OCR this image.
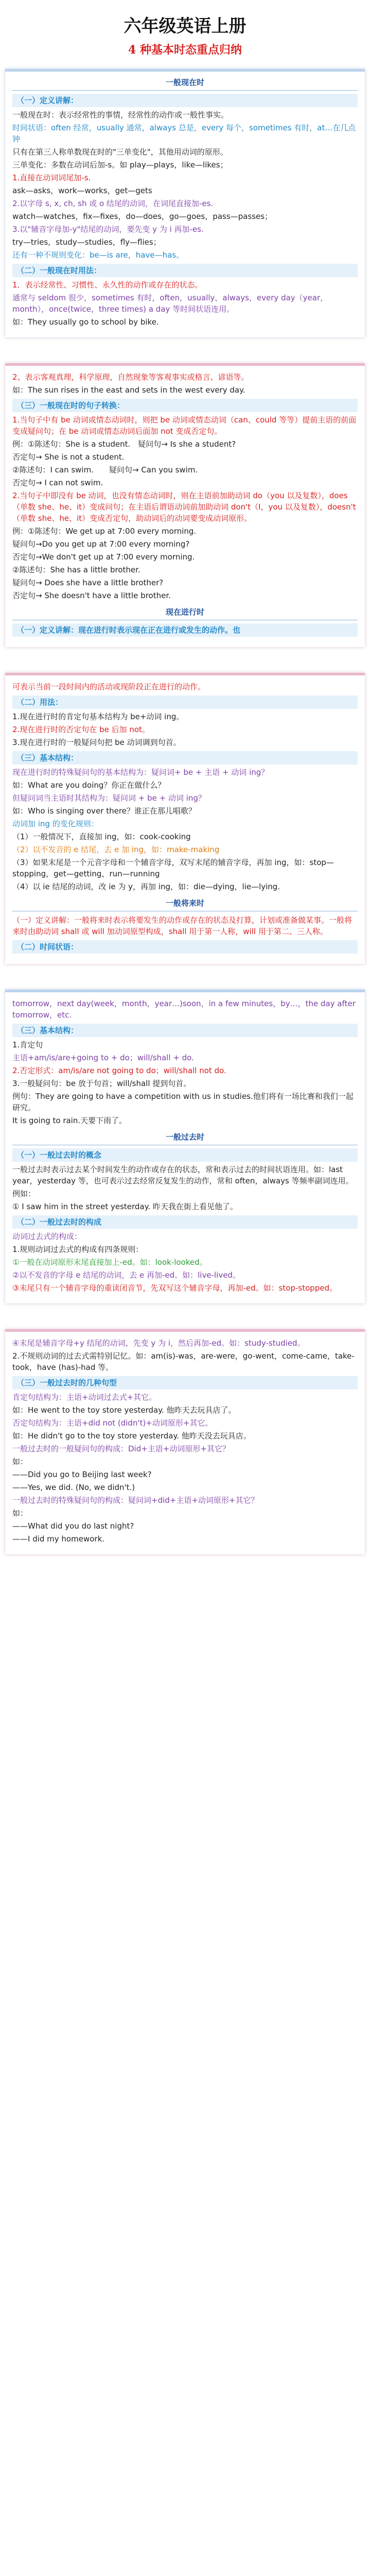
六年级英语上册
4 种基本时态重点归纳
一般现在时
（一）定义讲解：
一般现在时：表示经常性的事情，经常性的动作或一般性事实。
时间状语：often 经常，usually 通常，always 总是，every 每个，sometimes 有时，at…在几点钟
只有在第三人称单数现在时的"三单变化"，其他用动词的原形。
三单变化：多数在动词后加-s。如 play—plays，like—likes；
1.直接在动词词尾加-s.
ask—asks，work—works，get—gets
2.以字母 s, x, ch, sh 或 o 结尾的动词，在词尾直接加-es.
watch—watches，fix—fixes，do—does，go—goes，pass—passes；
3.以"辅音字母加-y"结尾的动词，要先变 y 为 i 再加-es.
try—tries，study—studies，fly—flies；
还有一种不规则变化：be—is are，have—has。
（二）一般现在时用法：
1．表示经常性、习惯性、永久性的动作或存在的状态。
通常与 seldom 很少，sometimes 有时，often，usually，always，every day（year，month），once(twice，three times) a day 等时间状语连用。
如：They usually go to school by bike.
2、表示客观真理，科学原理，自然现象等客观事实或格言、谚语等。
如：The sun rises in the east and sets in the west every day.
（三）一般现在时的句子转换：
1.当句子中有 be 动词或情态动词时，则把 be 动词或情态动词（can、could 等等）提前主语的前面变成疑问句；在 be 动词或情态动词后面加 not 变成否定句。
例：①陈述句：She is a student.　疑问句→ Is she a student?
否定句→ She is not a student.
②陈述句：I can swim.　　疑问句→ Can you swim.
否定句→ I can not swim.
2.当句子中即没有 be 动词，也没有情态动词时，则在主语前加助动词 do（you 以及复数），does（单数 she、he、it）变成问句；在主语后谓语动词前加助动词 don't（I，you 以及复数），doesn't（单数 she、he、it）变成否定句，助动词后的动词要变成动词原形。
例：①陈述句：We get up at 7:00 every morning.
疑问句→Do you get up at 7:00 every morning?
否定句→We don't get up at 7:00 every morning.
②陈述句：She has a little brother.
疑问句→ Does she have a little brother?
否定句→ She doesn't have a little brother.
现在进行时
（一）定义讲解：现在进行时表示现在正在进行或发生的动作。也
可表示当前一段时间内的活动或现阶段正在进行的动作。
（二）用法：
1.现在进行时的肯定句基本结构为 be+动词 ing。
2.现在进行时的否定句在 be 后加 not。
3.现在进行时的一般疑问句把 be 动词调到句首。
（三）基本结构：
现在进行时的特殊疑问句的基本结构为：疑问词+ be + 主语 + 动词 ing？
如：What are you doing？你正在做什么？
但疑问词当主语时其结构为：疑问词 + be + 动词 ing？
如：Who is singing over there？谁正在那儿唱歌？
动词加 ing 的变化规则：
（1）一般情况下，直接加 ing，如：cook-cooking
（2）以不发音的 e 结尾，去 e 加 ing，如：make-making
（3）如果末尾是一个元音字母和一个辅音字母，双写末尾的辅音字母，再加 ing，如：stop—stopping，get—getting，run—running
（4）以 ie 结尾的动词，改 ie 为 y，再加 ing，如：die—dying，lie—lying.
一般将来时
（一）定义讲解：一般将来时表示将要发生的动作或存在的状态及打算，计划或准备做某事。一般将来时由助动词 shall 或 will 加动词原型构成，shall 用于第一人称，will 用于第二、三人称。
（二）时间状语：
tomorrow，next day(week，month，year…)soon，in a few minutes，by…，the day after tomorrow，etc.
（三）基本结构：
1.肯定句
主语+am/is/are+going to + do；will/shall + do.
2.否定形式：am/is/are not going to do；will/shall not do.
3.一般疑问句：be 放于句首；will/shall 提到句首。
例句：They are going to have a competition with us in studies.他们将有一场比赛和我们一起研究。
It is going to rain.天要下雨了。
一般过去时
（一）一般过去时的概念
一般过去时表示过去某个时间发生的动作或存在的状态，常和表示过去的时间状语连用。如：last year，yesterday 等，也可表示过去经常反复发生的动作，常和 often，always 等频率副词连用。
例如：
① I saw him in the street yesterday. 昨天我在街上看见他了。
（二）一般过去时的构成
动词过去式的构成：
1.规则动词过去式的构成有四条规则：
①一般在动词原形末尾直接加上-ed。如：look-looked。
②以不发音的字母 e 结尾的动词，去 e 再加-ed。如：live-lived。
③末尾只有一个辅音字母的重读闭音节，先双写这个辅音字母，再加-ed。如：stop-stopped。
④末尾是辅音字母+y 结尾的动词，先变 y 为 i，然后再加-ed。如：study-studied。
2.不规则动词的过去式需特别记忆。如：am(is)-was，are-were，go-went，come-came，take-took，have (has)-had 等。
（三）一般过去时的几种句型
肯定句结构为：主语+动词过去式+其它。
如：He went to the toy store yesterday. 他昨天去玩具店了。
否定句结构为：主语+did not (didn't)+动词原形+其它。
如：He didn't go to the toy store yesterday. 他昨天没去玩具店。
一般过去时的一般疑问句的构成：Did+主语+动词原形+其它？
如：
——Did you go to Beijing last week?
——Yes, we did. (No, we didn't.)
一般过去时的特殊疑问句的构成：疑问词+did+主语+动词原形+其它？
如：
——What did you do last night?
——I did my homework.
